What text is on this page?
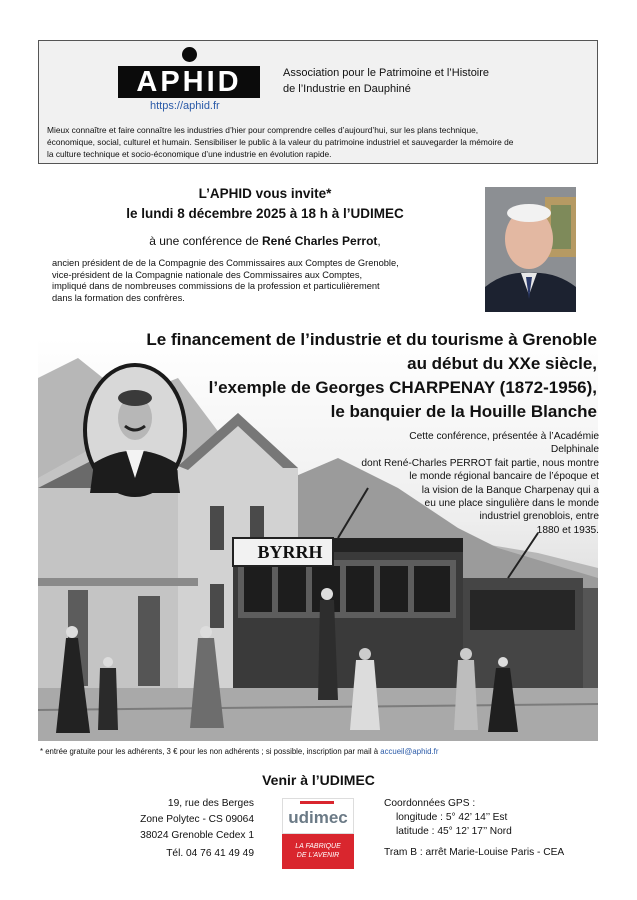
APHID
https://aphid.fr
Association pour le Patrimoine et l’Histoire
de l’Industrie en Dauphiné
Mieux connaître et faire connaître les industries d’hier pour comprendre celles d’aujourd’hui, sur les plans technique,
économique, social, culturel et humain. Sensibiliser le public à la valeur du patrimoine industriel et sauvegarder la mémoire de
la culture technique et socio-économique d’une industrie en évolution rapide.
L’APHID vous invite*
le lundi 8 décembre 2025 à 18 h à l’UDIMEC
à une conférence de René Charles Perrot,
ancien président de de la Compagnie des Commissaires aux Comptes de Grenoble,
vice-président de la Compagnie nationale des Commissaires aux Comptes,
impliqué dans de nombreuses commissions de la profession et particulièrement
dans la formation des confrères.
BYRRH
Le financement de l’industrie et du tourisme à Grenoble
au début du XXe siècle,
l’exemple de Georges CHARPENAY (1872-1956),
le banquier de la Houille Blanche
Cette conférence, présentée à l’Académie Delphinale
dont René-Charles PERROT fait partie, nous montre
le monde régional bancaire de l’époque et
la vision de la Banque Charpenay qui a
eu une place singulière dans le monde
industriel grenoblois, entre
1880 et 1935.
* entrée gratuite pour les adhérents, 3 € pour les non adhérents ; si possible, inscription par mail à accueil@aphid.fr
Venir à l’UDIMEC
19, rue des Berges
Zone Polytec - CS 09064
38024 Grenoble Cedex 1
Tél. 04 76 41 49 49
udimec
LA FABRIQUE
DE L’AVENIR
Coordonnées GPS :
longitude : 5° 42’ 14’’ Est
latitude : 45° 12’ 17’’ Nord
Tram B : arrêt Marie-Louise Paris - CEA
